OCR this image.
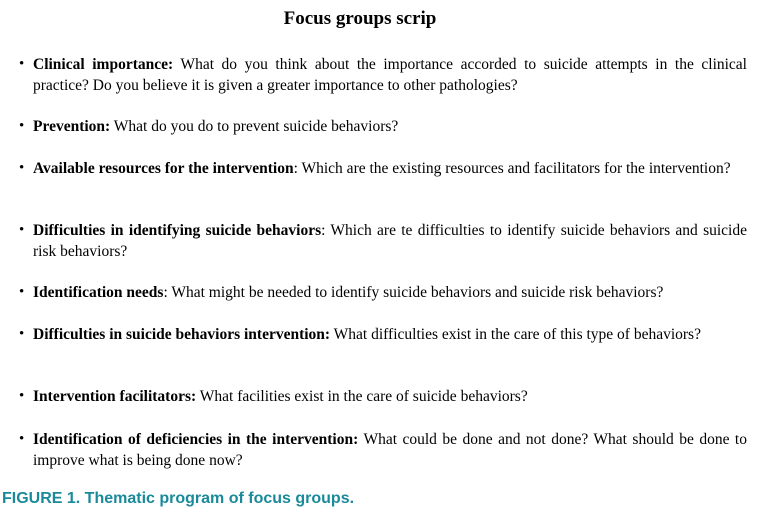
Focus groups scrip
• Clinical importance: What do you think about the importance accorded to suicide attempts in the clinical practice? Do you believe it is given a greater importance to other pathologies?
• Prevention: What do you do to prevent suicide behaviors?
• Available resources for the intervention: Which are the existing resources and facilitators for the intervention?
• Difficulties in identifying suicide behaviors: Which are te difficulties to identify suicide behaviors and suicide risk behaviors?
• Identification needs: What might be needed to identify suicide behaviors and suicide risk behaviors?
• Difficulties in suicide behaviors intervention: What difficulties exist in the care of this type of behaviors?
• Intervention facilitators: What facilities exist in the care of suicide behaviors?
• Identification of deficiencies in the intervention: What could be done and not done? What should be done to improve what is being done now?

FIGURE 1. Thematic program of focus groups.
